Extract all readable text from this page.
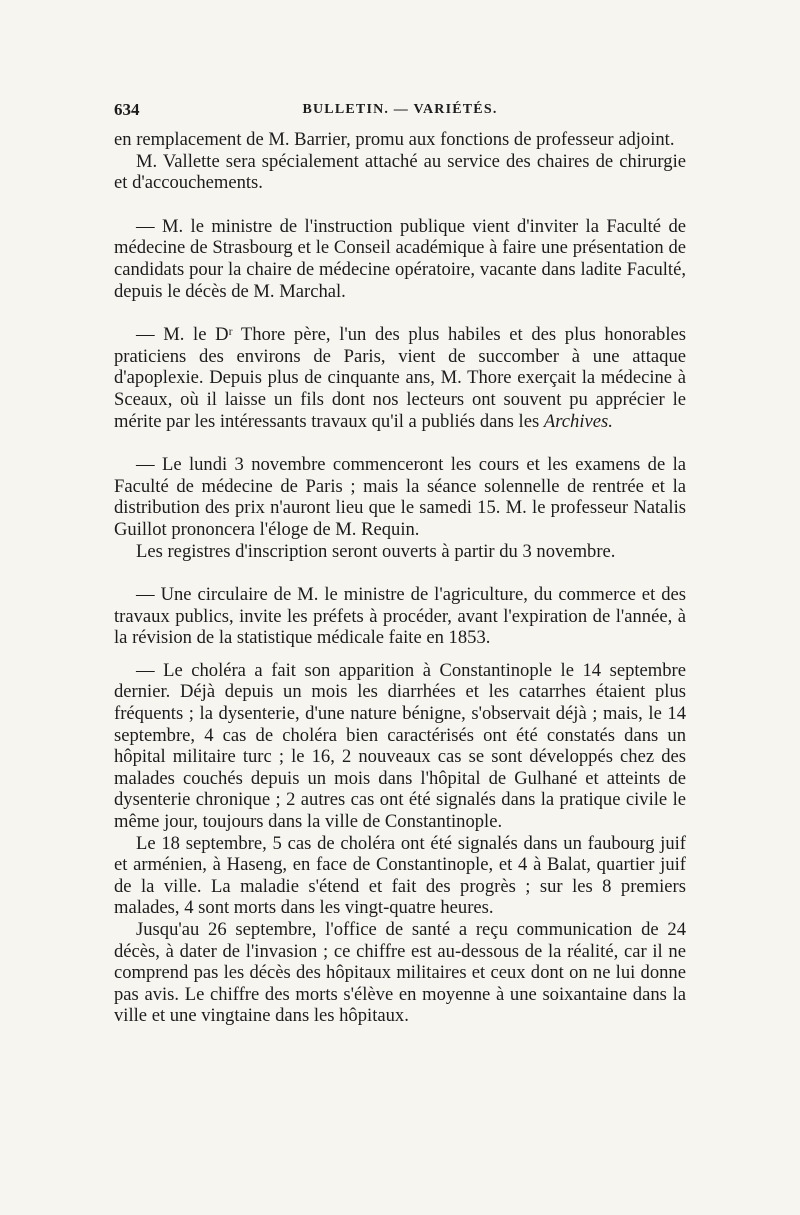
634	BULLETIN. — VARIÉTÉS.

en remplacement de M. Barrier, promu aux fonctions de professeur adjoint.

M. Vallette sera spécialement attaché au service des chaires de chirurgie et d'accouchements.

— M. le ministre de l'instruction publique vient d'inviter la Faculté de médecine de Strasbourg et le Conseil académique à faire une présentation de candidats pour la chaire de médecine opératoire, vacante dans ladite Faculté, depuis le décès de M. Marchal.

— M. le Dʳ Thore père, l'un des plus habiles et des plus honorables praticiens des environs de Paris, vient de succomber à une attaque d'apoplexie. Depuis plus de cinquante ans, M. Thore exerçait la médecine à Sceaux, où il laisse un fils dont nos lecteurs ont souvent pu apprécier le mérite par les intéressants travaux qu'il a publiés dans les Archives.

— Le lundi 3 novembre commenceront les cours et les examens de la Faculté de médecine de Paris ; mais la séance solennelle de rentrée et la distribution des prix n'auront lieu que le samedi 15. M. le professeur Natalis Guillot prononcera l'éloge de M. Requin.

Les registres d'inscription seront ouverts à partir du 3 novembre.

— Une circulaire de M. le ministre de l'agriculture, du commerce et des travaux publics, invite les préfets à procéder, avant l'expiration de l'année, à la révision de la statistique médicale faite en 1853.

— Le choléra a fait son apparition à Constantinople le 14 septembre dernier. Déjà depuis un mois les diarrhées et les catarrhes étaient plus fréquents ; la dysenterie, d'une nature bénigne, s'observait déjà ; mais, le 14 septembre, 4 cas de choléra bien caractérisés ont été constatés dans un hôpital militaire turc ; le 16, 2 nouveaux cas se sont développés chez des malades couchés depuis un mois dans l'hôpital de Gulhané et atteints de dysenterie chronique ; 2 autres cas ont été signalés dans la pratique civile le même jour, toujours dans la ville de Constantinople.

Le 18 septembre, 5 cas de choléra ont été signalés dans un faubourg juif et arménien, à Haseng, en face de Constantinople, et 4 à Balat, quartier juif de la ville. La maladie s'étend et fait des progrès ; sur les 8 premiers malades, 4 sont morts dans les vingt-quatre heures.

Jusqu'au 26 septembre, l'office de santé a reçu communication de 24 décès, à dater de l'invasion ; ce chiffre est au-dessous de la réalité, car il ne comprend pas les décès des hôpitaux militaires et ceux dont on ne lui donne pas avis. Le chiffre des morts s'élève en moyenne à une soixantaine dans la ville et une vingtaine dans les hôpitaux.
